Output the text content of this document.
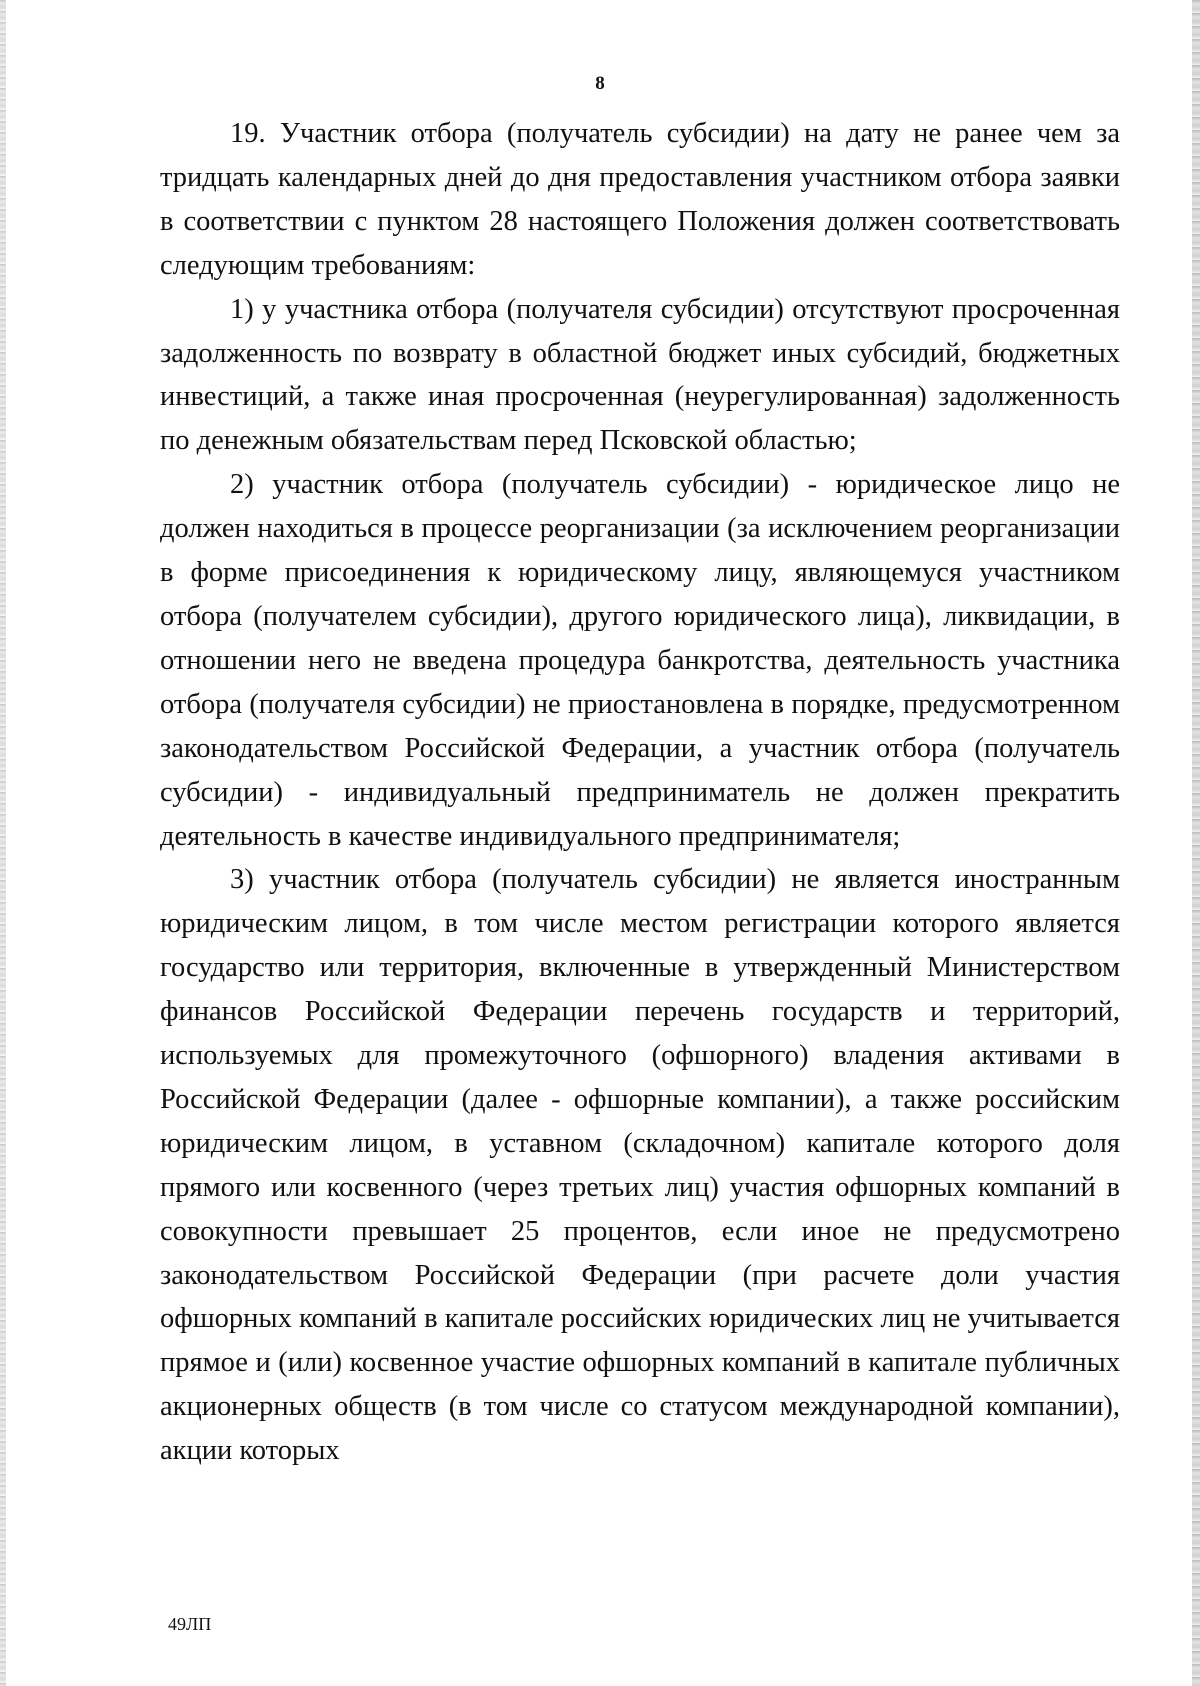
8

19. Участник отбора (получатель субсидии) на дату не ранее чем за тридцать календарных дней до дня предоставления участником отбора заявки в соответствии с пунктом 28 настоящего Положения должен соответствовать следующим требованиям:

1) у участника отбора (получателя субсидии) отсутствуют просроченная задолженность по возврату в областной бюджет иных субсидий, бюджетных инвестиций, а также иная просроченная (неурегулированная) задолженность по денежным обязательствам перед Псковской областью;

2) участник отбора (получатель субсидии) - юридическое лицо не должен находиться в процессе реорганизации (за исключением реорганизации в форме присоединения к юридическому лицу, являющемуся участником отбора (получателем субсидии), другого юридического лица), ликвидации, в отношении него не введена процедура банкротства, деятельность участника отбора (получателя субсидии) не приостановлена в порядке, предусмотренном законодательством Российской Федерации, а участник отбора (получатель субсидии) - индивидуальный предприниматель не должен прекратить деятельность в качестве индивидуального предпринимателя;

3) участник отбора (получатель субсидии) не является иностранным юридическим лицом, в том числе местом регистрации которого является государство или территория, включенные в утвержденный Министерством финансов Российской Федерации перечень государств и территорий, используемых для промежуточного (офшорного) владения активами в Российской Федерации (далее - офшорные компании), а также российским юридическим лицом, в уставном (складочном) капитале которого доля прямого или косвенного (через третьих лиц) участия офшорных компаний в совокупности превышает 25 процентов, если иное не предусмотрено законодательством Российской Федерации (при расчете доли участия офшорных компаний в капитале российских юридических лиц не учитывается прямое и (или) косвенное участие офшорных компаний в капитале публичных акционерных обществ (в том числе со статусом международной компании), акции которых

49ЛП
